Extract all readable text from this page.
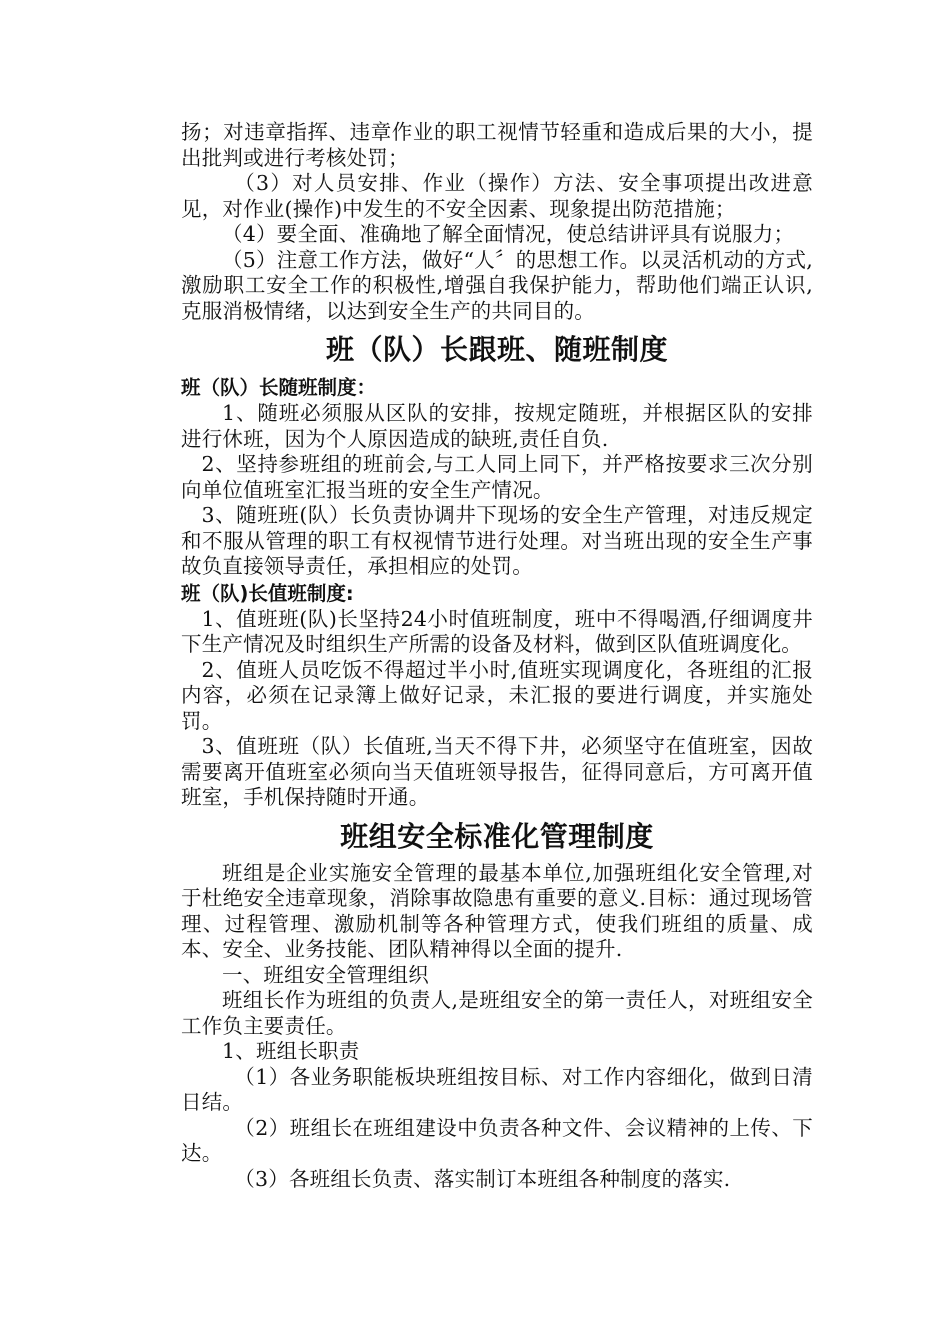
扬；对违章指挥、违章作业的职工视情节轻重和造成后果的大小，提出批判或进行考核处罚；

（3）对人员安排、作业（操作）方法、安全事项提出改进意见，对作业(操作)中发生的不安全因素、现象提出防范措施；

（4）要全面、准确地了解全面情况，使总结讲评具有说服力；

（5）注意工作方法，做好“人〞的思想工作。以灵活机动的方式,激励职工安全工作的积极性,增强自我保护能力，帮助他们端正认识,克服消极情绪，以达到安全生产的共同目的。

班（队）长跟班、随班制度

班（队）长随班制度：

1、随班必须服从区队的安排，按规定随班，并根据区队的安排进行休班，因为个人原因造成的缺班,责任自负.

2、坚持参班组的班前会,与工人同上同下，并严格按要求三次分别向单位值班室汇报当班的安全生产情况。

3、随班班(队）长负责协调井下现场的安全生产管理，对违反规定和不服从管理的职工有权视情节进行处理。对当班出现的安全生产事故负直接领导责任，承担相应的处罚。

班（队)长值班制度:

1、值班班(队)长坚持24小时值班制度，班中不得喝酒,仔细调度井下生产情况及时组织生产所需的设备及材料，做到区队值班调度化。

2、值班人员吃饭不得超过半小时,值班实现调度化，各班组的汇报内容，必须在记录簿上做好记录，未汇报的要进行调度，并实施处罚。

3、值班班（队）长值班,当天不得下井，必须坚守在值班室，因故需要离开值班室必须向当天值班领导报告，征得同意后，方可离开值班室，手机保持随时开通。

班组安全标准化管理制度

班组是企业实施安全管理的最基本单位,加强班组化安全管理,对于杜绝安全违章现象，消除事故隐患有重要的意义.目标：通过现场管理、过程管理、激励机制等各种管理方式，使我们班组的质量、成本、安全、业务技能、团队精神得以全面的提升.

一、班组安全管理组织

班组长作为班组的负责人,是班组安全的第一责任人，对班组安全工作负主要责任。

1、班组长职责

（1）各业务职能板块班组按目标、对工作内容细化，做到日清日结。

（2）班组长在班组建设中负责各种文件、会议精神的上传、下达。

（3）各班组长负责、落实制订本班组各种制度的落实.
